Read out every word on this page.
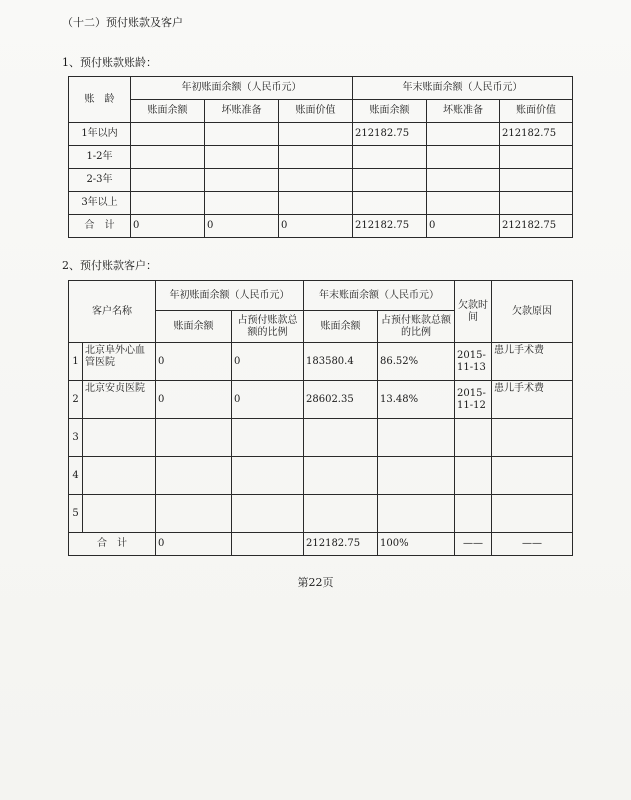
（十二）预付账款及客户
1、预付账款账龄：
账　龄	年初账面余额（人民币元）			年末账面余额（人民币元）		
	账面余额	坏账准备	账面价值	账面余额	坏账准备	账面价值
1年以内				212182.75		212182.75
1-2年						
2-3年						
3年以上						
合　计	0	0	0	212182.75	0	212182.75
2、预付账款客户：
客户名称		年初账面余额（人民币元）		年末账面余额（人民币元）		欠款时间	欠款原因
		账面余额	占预付账款总额的比例	账面余额	占预付账款总额的比例		
1	北京阜外心血管医院	0	0	183580.4	86.52%	2015-11-13	患儿手术费
2	北京安贞医院	0	0	28602.35	13.48%	2015-11-12	患儿手术费
3							
4							
5							
合　计		0		212182.75	100%	——	——
第22页
